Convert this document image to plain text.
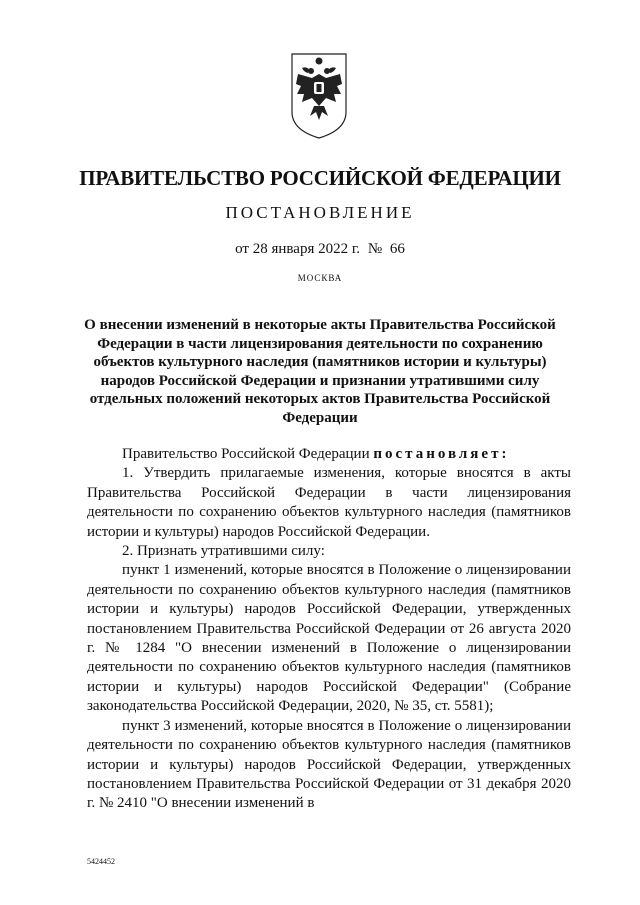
ПРАВИТЕЛЬСТВО РОССИЙСКОЙ ФЕДЕРАЦИИ
ПОСТАНОВЛЕНИЕ
от 28 января 2022 г. № 66
МОСКВА
О внесении изменений в некоторые акты Правительства Российской Федерации в части лицензирования деятельности по сохранению объектов культурного наследия (памятников истории и культуры) народов Российской Федерации и признании утратившими силу отдельных положений некоторых актов Правительства Российской Федерации

Правительство Российской Федерации постановляет:

1. Утвердить прилагаемые изменения, которые вносятся в акты Правительства Российской Федерации в части лицензирования деятельности по сохранению объектов культурного наследия (памятников истории и культуры) народов Российской Федерации.

2. Признать утратившими силу:

пункт 1 изменений, которые вносятся в Положение о лицензировании деятельности по сохранению объектов культурного наследия (памятников истории и культуры) народов Российской Федерации, утвержденных постановлением Правительства Российской Федерации от 26 августа 2020 г. № 1284 "О внесении изменений в Положение о лицензировании деятельности по сохранению объектов культурного наследия (памятников истории и культуры) народов Российской Федерации" (Собрание законодательства Российской Федерации, 2020, № 35, ст. 5581);

пункт 3 изменений, которые вносятся в Положение о лицензировании деятельности по сохранению объектов культурного наследия (памятников истории и культуры) народов Российской Федерации, утвержденных постановлением Правительства Российской Федерации от 31 декабря 2020 г. № 2410 "О внесении изменений в

5424452
